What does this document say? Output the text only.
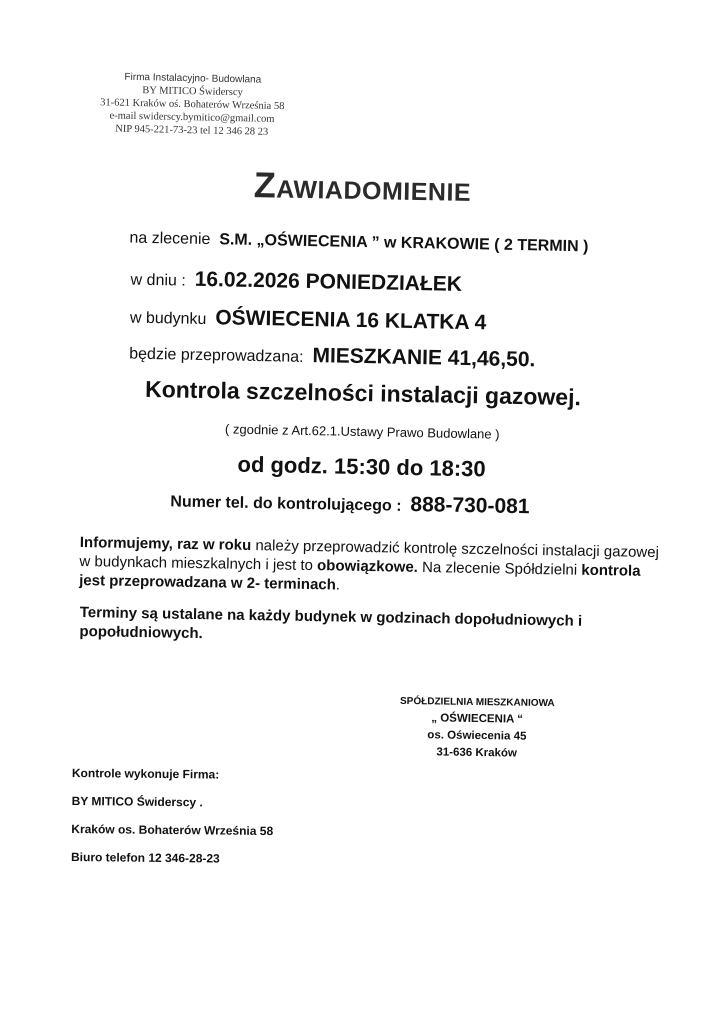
Firma Instalacyjno- Budowlana
BY MITICO Świderscy
31-621 Kraków oś. Bohaterów Września 58
e-mail swiderscy.bymitico@gmail.com
NIP 945-221-73-23 tel 12 346 28 23
Zawiadomienie
na zlecenie S.M. „OŚWIECENIA ” w KRAKOWIE ( 2 TERMIN )
w dniu : 16.02.2026 PONIEDZIAŁEK
w budynku OŚWIECENIA 16 KLATKA 4
będzie przeprowadzana: MIESZKANIE 41,46,50.
Kontrola szczelności instalacji gazowej.
( zgodnie z Art.62.1.Ustawy Prawo Budowlane )
od godz. 15:30 do 18:30
Numer tel. do kontrolującego : 888-730-081
Informujemy, raz w roku należy przeprowadzić kontrolę szczelności instalacji gazowej w budynkach mieszkalnych i jest to obowiązkowe. Na zlecenie Spółdzielni kontrola jest przeprowadzana w 2- terminach.
Terminy są ustalane na każdy budynek w godzinach dopołudniowych i popołudniowych.
SPÓŁDZIELNIA MIESZKANIOWA
„ OŚWIECENIA “
os. Oświecenia 45
31-636 Kraków
Kontrole wykonuje Firma:
BY MITICO Świderscy .
Kraków os. Bohaterów Września 58
Biuro telefon 12 346-28-23
